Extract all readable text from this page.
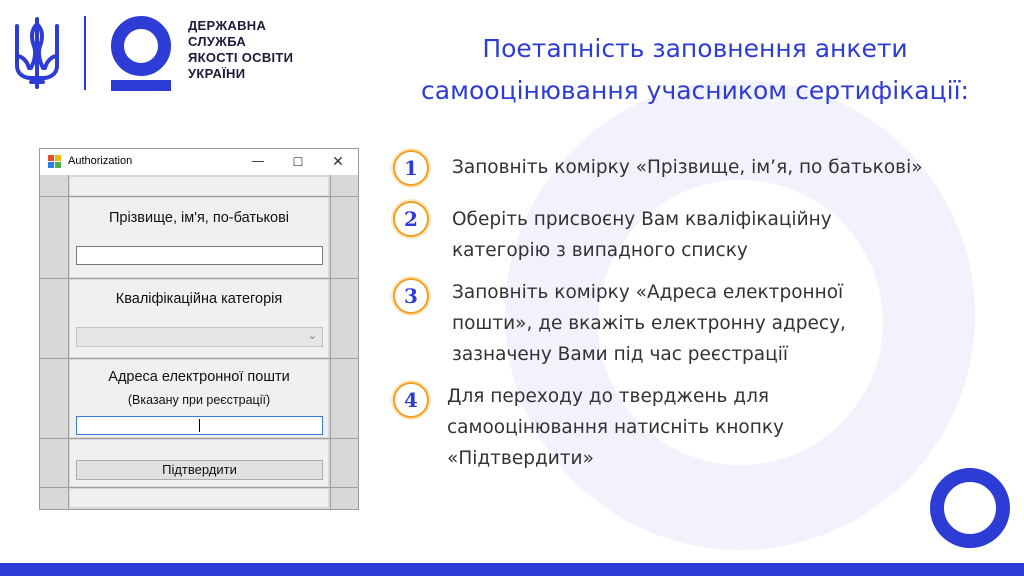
ДЕРЖАВНА
СЛУЖБА
ЯКОСТІ ОСВІТИ
УКРАЇНИ
Поетапність заповнення анкети
самооцінювання учасником сертифікації:
Authorization	—	☐	✕
Прізвище, ім'я, по-батькові
Кваліфікаційна категорія
⌄
Адреса електронної пошти
(Вказану при реєстрації)
Підтвердити
1	Заповніть комірку «Прізвище, ім’я, по батькові»
2	Оберіть присвоєну Вам кваліфікаційну
категорію з випадного списку
3	Заповніть комірку «Адреса електронної
пошти», де вкажіть електронну адресу,
зазначену Вами під час реєстрації
4	Для переходу до тверджень для
самооцінювання натисніть кнопку
«Підтвердити»
